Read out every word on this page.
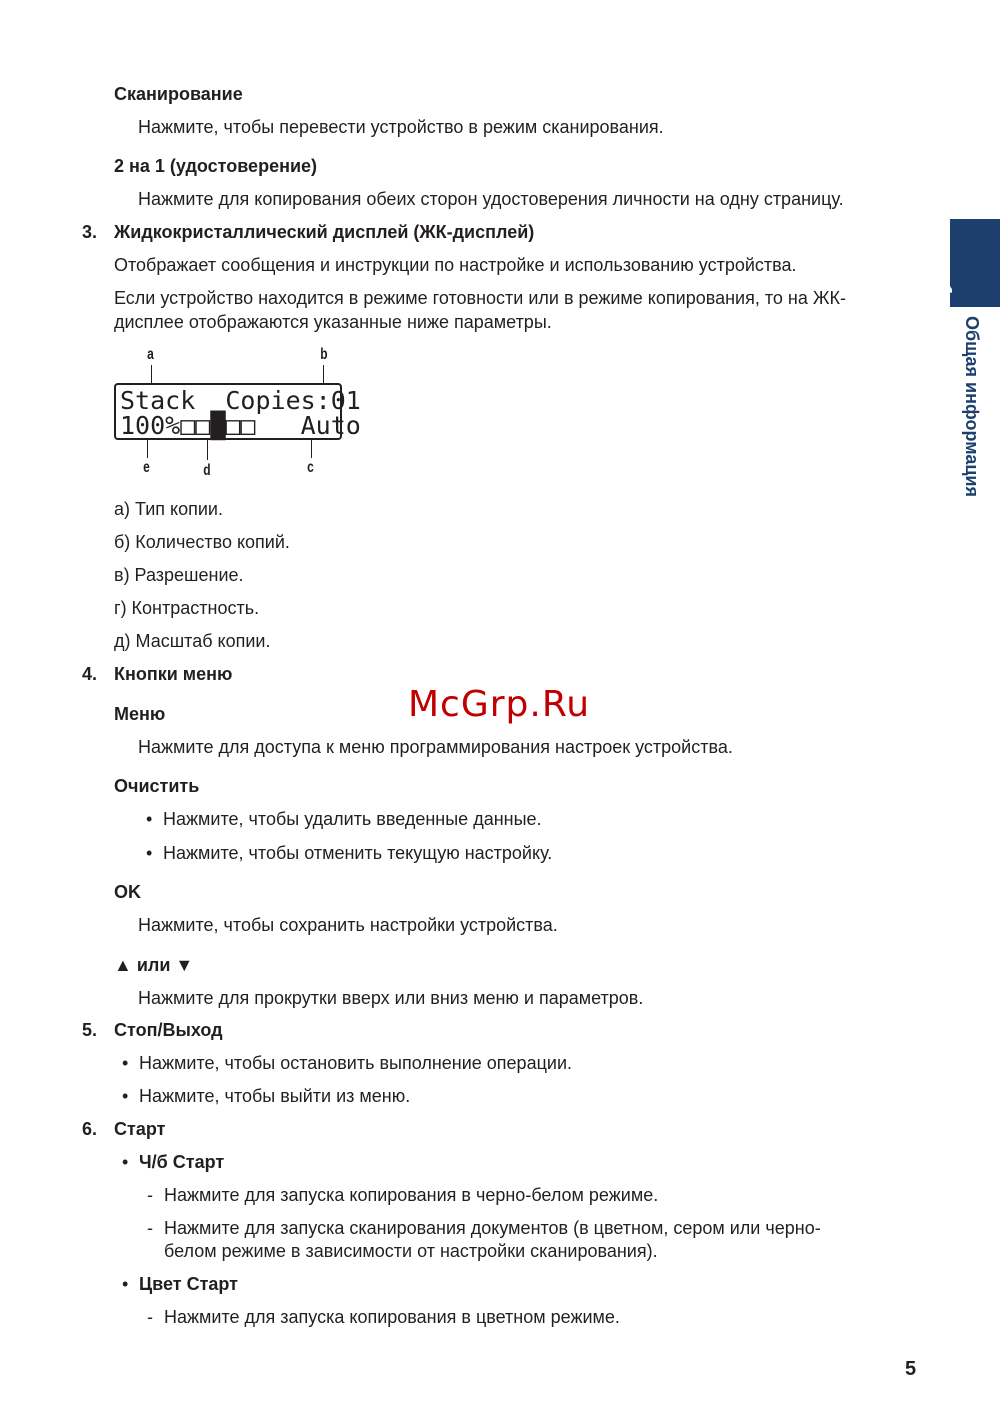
1
Общая информация
Сканирование
Нажмите, чтобы перевести устройство в режим сканирования.
2 на 1 (удостоверение)
Нажмите для копирования обеих сторон удостоверения личности на одну страницу.
3. Жидкокристаллический дисплей (ЖК-дисплей)
Отображает сообщения и инструкции по настройке и использованию устройства.
Если устройство находится в режиме готовности или в режиме копирования, то на ЖК-
дисплее отображаются указанные ниже параметры.
a	b
Stack  Copies:01
100%□□█□□   Auto
e	d	c
а) Тип копии.
б) Количество копий.
в) Разрешение.
г) Контрастность.
д) Масштаб копии.
4. Кнопки меню
McGrp.Ru
Меню
Нажмите для доступа к меню программирования настроек устройства.
Очистить
• Нажмите, чтобы удалить введенные данные.
• Нажмите, чтобы отменить текущую настройку.
OK
Нажмите, чтобы сохранить настройки устройства.
▲ или ▼
Нажмите для прокрутки вверх или вниз меню и параметров.
5. Стоп/Выход
• Нажмите, чтобы остановить выполнение операции.
• Нажмите, чтобы выйти из меню.
6. Старт
• Ч/б Старт
- Нажмите для запуска копирования в черно-белом режиме.
- Нажмите для запуска сканирования документов (в цветном, сером или черно-
белом режиме в зависимости от настройки сканирования).
• Цвет Старт
- Нажмите для запуска копирования в цветном режиме.
5
